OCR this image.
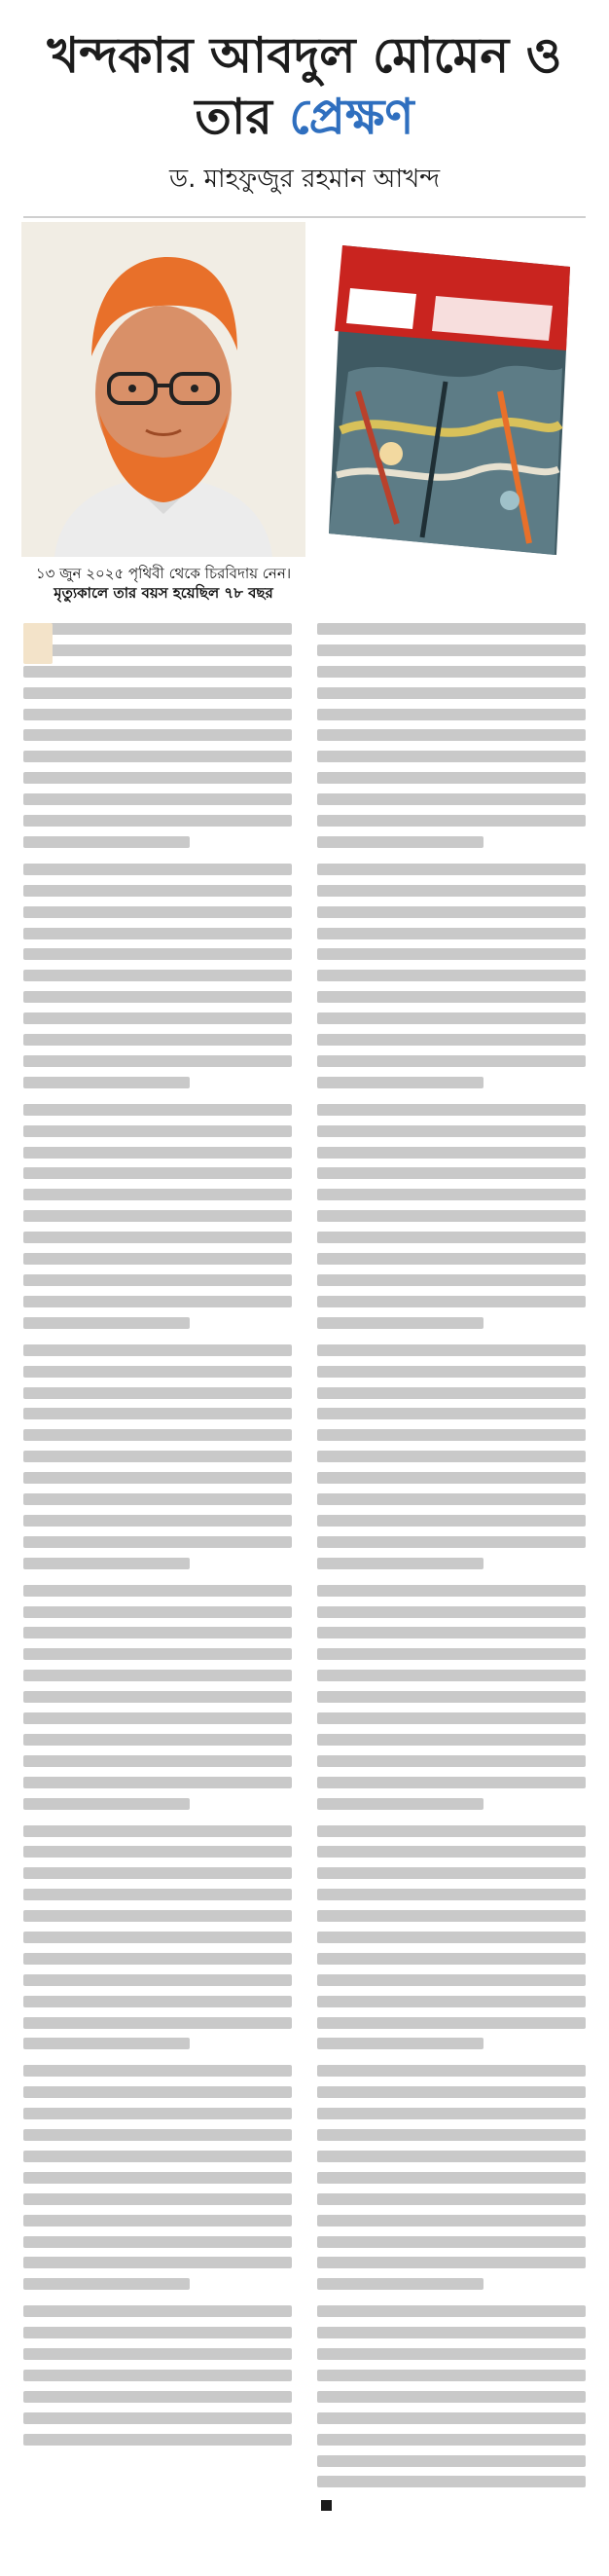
খন্দকার আবদুল মোমেন ও
তার প্রেক্ষণ

ড. মাহফুজুর রহমান আখন্দ

১৩ জুন ২০২৫ পৃথিবী থেকে চিরবিদায় নেন।
মৃত্যুকালে তার বয়স হয়েছিল ৭৮ বছর
